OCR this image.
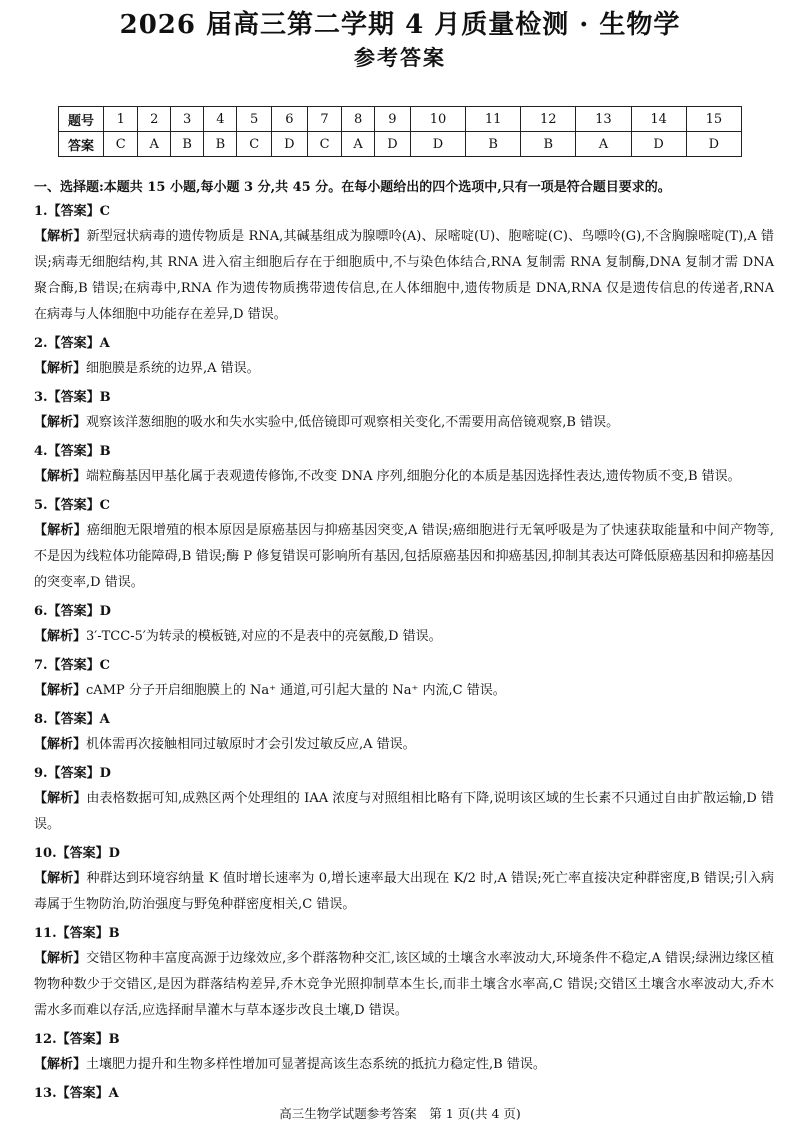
2026 届高三第二学期 4 月质量检测 · 生物学
参考答案
题号	1	2	3	4	5	6	7	8	9	10	11	12	13	14	15
答案	C	A	B	B	C	D	C	A	D	D	B	B	A	D	D
一、选择题:本题共 15 小题,每小题 3 分,共 45 分。在每小题给出的四个选项中,只有一项是符合题目要求的。
1.【答案】C
【解析】新型冠状病毒的遗传物质是 RNA,其碱基组成为腺嘌呤(A)、尿嘧啶(U)、胞嘧啶(C)、鸟嘌呤(G),不含胸腺嘧啶(T),A 错误;病毒无细胞结构,其 RNA 进入宿主细胞后存在于细胞质中,不与染色体结合,RNA 复制需 RNA 复制酶,DNA 复制才需 DNA 聚合酶,B 错误;在病毒中,RNA 作为遗传物质携带遗传信息,在人体细胞中,遗传物质是 DNA,RNA 仅是遗传信息的传递者,RNA 在病毒与人体细胞中功能存在差异,D 错误。
2.【答案】A
【解析】细胞膜是系统的边界,A 错误。
3.【答案】B
【解析】观察该洋葱细胞的吸水和失水实验中,低倍镜即可观察相关变化,不需要用高倍镜观察,B 错误。
4.【答案】B
【解析】端粒酶基因甲基化属于表观遗传修饰,不改变 DNA 序列,细胞分化的本质是基因选择性表达,遗传物质不变,B 错误。
5.【答案】C
【解析】癌细胞无限增殖的根本原因是原癌基因与抑癌基因突变,A 错误;癌细胞进行无氧呼吸是为了快速获取能量和中间产物等,不是因为线粒体功能障碍,B 错误;酶 P 修复错误可影响所有基因,包括原癌基因和抑癌基因,抑制其表达可降低原癌基因和抑癌基因的突变率,D 错误。
6.【答案】D
【解析】3′-TCC-5′为转录的模板链,对应的不是表中的亮氨酸,D 错误。
7.【答案】C
【解析】cAMP 分子开启细胞膜上的 Na⁺ 通道,可引起大量的 Na⁺ 内流,C 错误。
8.【答案】A
【解析】机体需再次接触相同过敏原时才会引发过敏反应,A 错误。
9.【答案】D
【解析】由表格数据可知,成熟区两个处理组的 IAA 浓度与对照组相比略有下降,说明该区域的生长素不只通过自由扩散运输,D 错误。
10.【答案】D
【解析】种群达到环境容纳量 K 值时增长速率为 0,增长速率最大出现在 K/2 时,A 错误;死亡率直接决定种群密度,B 错误;引入病毒属于生物防治,防治强度与野兔种群密度相关,C 错误。
11.【答案】B
【解析】交错区物种丰富度高源于边缘效应,多个群落物种交汇,该区域的土壤含水率波动大,环境条件不稳定,A 错误;绿洲边缘区植物物种数少于交错区,是因为群落结构差异,乔木竞争光照抑制草本生长,而非土壤含水率高,C 错误;交错区土壤含水率波动大,乔木需水多而难以存活,应选择耐旱灌木与草本逐步改良土壤,D 错误。
12.【答案】B
【解析】土壤肥力提升和生物多样性增加可显著提高该生态系统的抵抗力稳定性,B 错误。
13.【答案】A
高三生物学试题参考答案　第 1 页(共 4 页)
